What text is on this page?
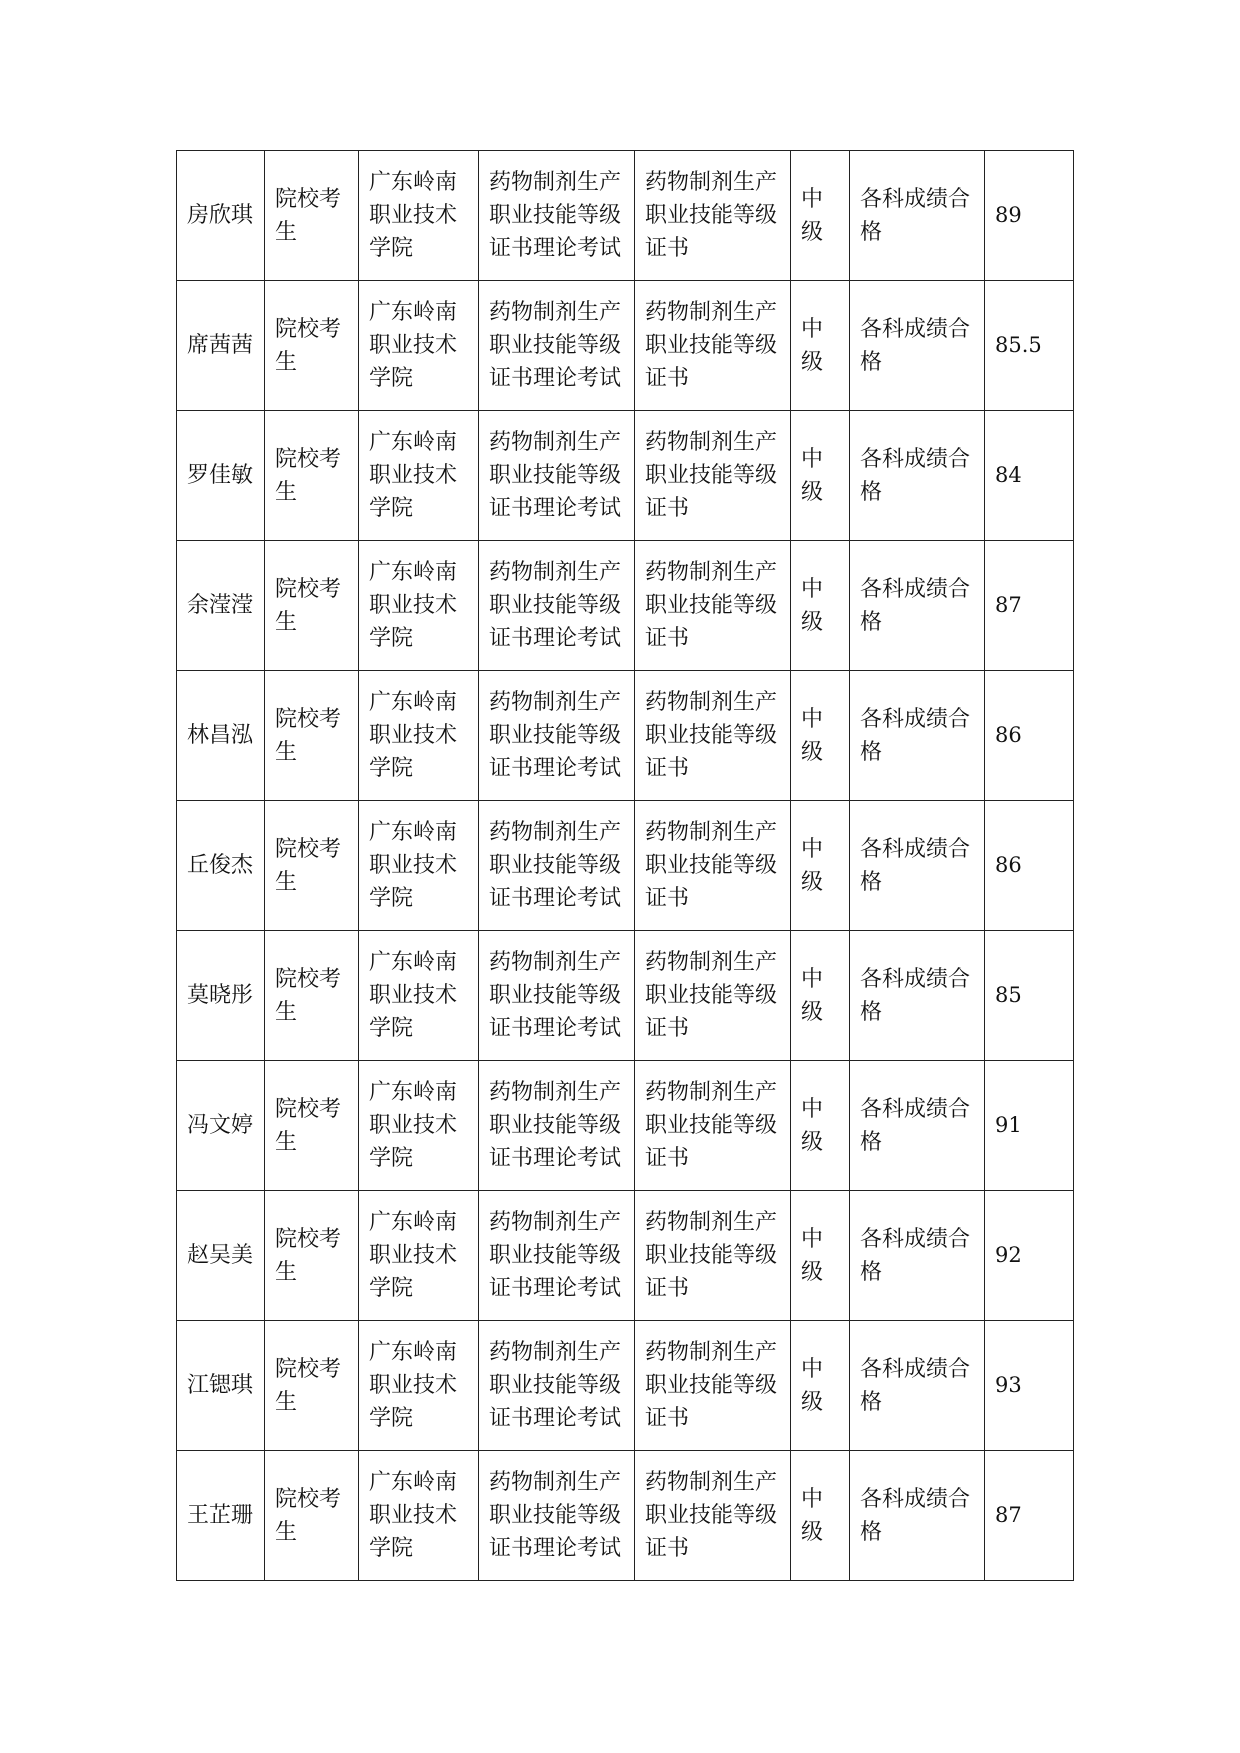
房欣琪	院校考生	广东岭南职业技术学院	药物制剂生产职业技能等级证书理论考试	药物制剂生产职业技能等级证书	中级	各科成绩合格	89
席茜茜	院校考生	广东岭南职业技术学院	药物制剂生产职业技能等级证书理论考试	药物制剂生产职业技能等级证书	中级	各科成绩合格	85.5
罗佳敏	院校考生	广东岭南职业技术学院	药物制剂生产职业技能等级证书理论考试	药物制剂生产职业技能等级证书	中级	各科成绩合格	84
余滢滢	院校考生	广东岭南职业技术学院	药物制剂生产职业技能等级证书理论考试	药物制剂生产职业技能等级证书	中级	各科成绩合格	87
林昌泓	院校考生	广东岭南职业技术学院	药物制剂生产职业技能等级证书理论考试	药物制剂生产职业技能等级证书	中级	各科成绩合格	86
丘俊杰	院校考生	广东岭南职业技术学院	药物制剂生产职业技能等级证书理论考试	药物制剂生产职业技能等级证书	中级	各科成绩合格	86
莫晓彤	院校考生	广东岭南职业技术学院	药物制剂生产职业技能等级证书理论考试	药物制剂生产职业技能等级证书	中级	各科成绩合格	85
冯文婷	院校考生	广东岭南职业技术学院	药物制剂生产职业技能等级证书理论考试	药物制剂生产职业技能等级证书	中级	各科成绩合格	91
赵吴美	院校考生	广东岭南职业技术学院	药物制剂生产职业技能等级证书理论考试	药物制剂生产职业技能等级证书	中级	各科成绩合格	92
江锶琪	院校考生	广东岭南职业技术学院	药物制剂生产职业技能等级证书理论考试	药物制剂生产职业技能等级证书	中级	各科成绩合格	93
王芷珊	院校考生	广东岭南职业技术学院	药物制剂生产职业技能等级证书理论考试	药物制剂生产职业技能等级证书	中级	各科成绩合格	87
